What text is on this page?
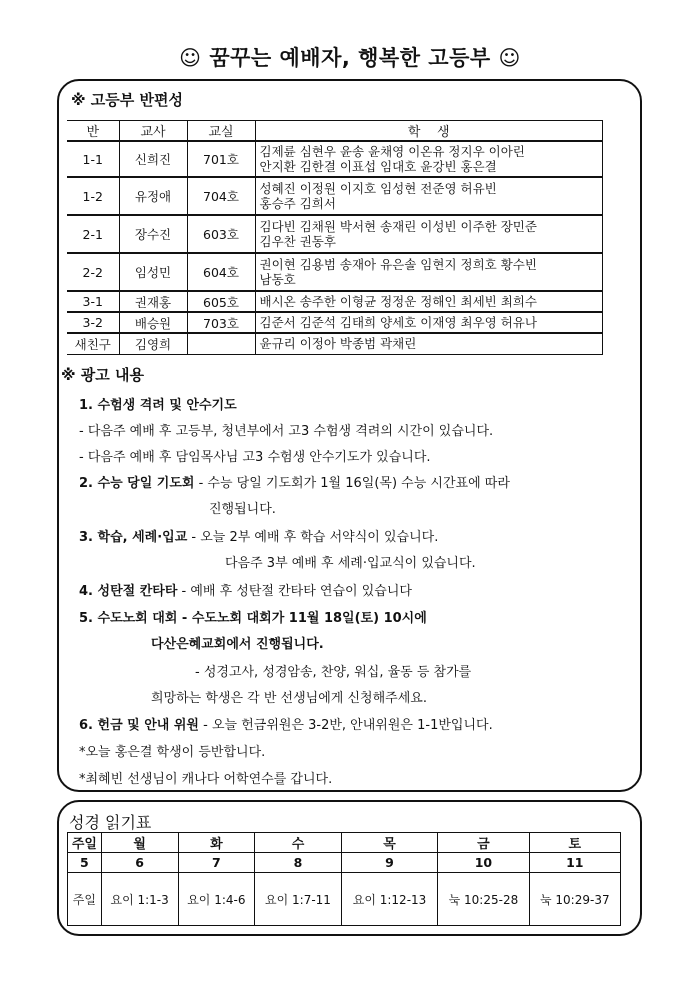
☺ 꿈꾸는 예배자, 행복한 고등부 ☺
※ 고등부 반편성
반	교사	교실	학    생
1-1	신희진	701호	김제륜 심현우 윤송 윤채영 이온유 정지우 이아린
안지환 김한결 이표섭 임대호 윤강빈 홍은결

1-2	유정애	704호	성혜진 이정원 이지호 임성현 전준영 허유빈
홍승주 김희서

2-1	장수진	603호	김다빈 김채원 박서현 송재린 이성빈 이주한 장민준
김우찬 권동후

2-2	임성민	604호	권이현 김용범 송재아 유은솔 임현지 정희호 황수빈
남동호

3-1	권재홍	605호	배시온 송주한 이형균 정정운 정해인 최세빈 최희수
3-2	배승원	703호	김준서 김준석 김태희 양세호 이재영 최우영 허유나
새친구	김영희		윤규리 이정아 박종범 곽채린
※ 광고 내용
1. 수험생 격려 및 안수기도
- 다음주 예배 후 고등부, 청년부에서 고3 수험생 격려의 시간이 있습니다.
- 다음주 예배 후 담임목사님 고3 수험생 안수기도가 있습니다.
2. 수능 당일 기도회 - 수능 당일 기도회가 1월 16일(목) 수능 시간표에 따라
진행됩니다.
3. 학습, 세례·입교 - 오늘 2부 예배 후 학습 서약식이 있습니다.
다음주 3부 예배 후 세례·입교식이 있습니다.
4. 성탄절 칸타타 - 예배 후 성탄절 칸타타 연습이 있습니다
5. 수도노회 대회 - 수도노회 대회가 11월 18일(토) 10시에
다산은혜교회에서 진행됩니다.
- 성경고사, 성경암송, 찬양, 워십, 율동 등 참가를
희망하는 학생은 각 반 선생님에게 신청해주세요.
6. 헌금 및 안내 위원 - 오늘 헌금위원은 3-2반, 안내위원은 1-1반입니다.
*오늘 홍은결 학생이 등반합니다.
*최혜빈 선생님이 캐나다 어학연수를 갑니다.
성경 읽기표
주일	월	화	수	목	금	토
5	6	7	8	9	10	11
주일	요이 1:1-3	요이 1:4-6	요이 1:7-11	요이 1:12-13	눅 10:25-28	눅 10:29-37
